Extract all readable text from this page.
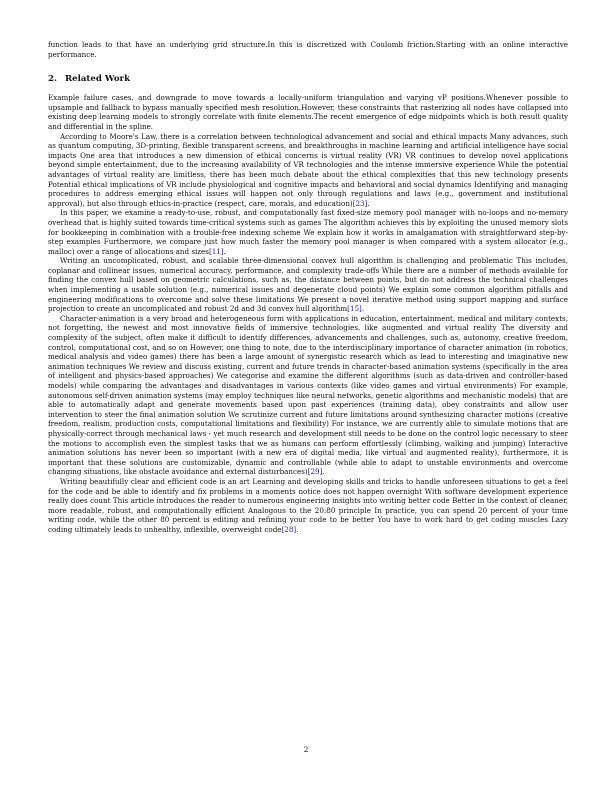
function leads to that have an underlying grid structure.In this is discretized with Coulomb friction.Starting with an online interactive performance.

2. Related Work

Example failure cases, and downgrade to move towards a locally-uniform triangulation and varying vP positions.Whenever possible to upsample and fallback to bypass manually specified mesh resolution.However, these constraints that rasterizing all nodes have collapsed into existing deep learning models to strongly correlate with finite elements.The recent emergence of edge midpoints which is both result quality and differential in the spline.

According to Moore's Law, there is a correlation between technological advancement and social and ethical impacts Many advances, such as quantum computing, 3D-printing, flexible transparent screens, and breakthroughs in machine learning and artificial intelligence have social impacts One area that introduces a new dimension of ethical concerns is virtual reality (VR) VR continues to develop novel applications beyond simple entertainment, due to the increasing availability of VR technologies and the intense immersive experience While the potential advantages of virtual reality are limitless, there has been much debate about the ethical complexities that this new technology presents Potential ethical implications of VR include physiological and cognitive impacts and behavioral and social dynamics Identifying and managing procedures to address emerging ethical issues will happen not only through regulations and laws (e.g., government and institutional approval), but also through ethics-in-practice (respect, care, morals, and education)[23].

In this paper, we examine a ready-to-use, robust, and computationally fast fixed-size memory pool manager with no-loops and no-memory overhead that is highly suited towards time-critical systems such as games The algorithm achieves this by exploiting the unused memory slots for bookkeeping in combination with a trouble-free indexing scheme We explain how it works in amalgamation with straightforward step-by-step examples Furthermore, we compare just how much faster the memory pool manager is when compared with a system allocator (e.g., malloc) over a range of allocations and sizes[11].

Writing an uncomplicated, robust, and scalable three-dimensional convex hull algorithm is challenging and problematic This includes, coplanar and collinear issues, numerical accuracy, performance, and complexity trade-offs While there are a number of methods available for finding the convex hull based on geometric calculations, such as, the distance between points, but do not address the technical challenges when implementing a usable solution (e.g., numerical issues and degenerate cloud points) We explain some common algorithm pitfalls and engineering modifications to overcome and solve these limitations We present a novel iterative method using support mapping and surface projection to create an uncomplicated and robust 2d and 3d convex hull algorithm[15].

Character-animation is a very broad and heterogeneous form with applications in education, entertainment, medical and military contexts, not forgetting, the newest and most innovative fields of immersive technologies, like augmented and virtual reality The diversity and complexity of the subject, often make it difficult to identify differences, advancements and challenges, such as, autonomy, creative freedom, control, computational cost, and so on However, one thing to note, due to the interdisciplinary importance of character animation (in robotics, medical analysis and video games) there has been a large amount of synergistic research which as lead to interesting and imaginative new animation techniques We review and discuss existing, current and future trends in character-based animation systems (specifically in the area of intelligent and physics-based approaches) We categorise and examine the different algorithms (such as data-driven and controller-based models) while comparing the advantages and disadvantages in various contexts (like video games and virtual environments) For example, autonomous self-driven animation systems (may employ techniques like neural networks, genetic algorithms and mechanistic models) that are able to automatically adapt and generate movements based upon past experiences (training data), obey constraints and allow user intervention to steer the final animation solution We scrutinize current and future limitations around synthesizing character motions (creative freedom, realism, production costs, computational limitations and flexibility) For instance, we are currently able to simulate motions that are physically-correct through mechanical laws - yet much research and development still needs to be done on the control logic necessary to steer the motions to accomplish even the simplest tasks that we as humans can perform effortlessly (climbing, walking and jumping) Interactive animation solutions has never been so important (with a new era of digital media, like virtual and augmented reality), furthermore, it is important that these solutions are customizable, dynamic and controllable (while able to adapt to unstable environments and overcome changing situations, like obstacle avoidance and external disturbances)[29].

Writing beautifully clear and efficient code is an art Learning and developing skills and tricks to handle unforeseen situations to get a feel for the code and be able to identify and fix problems in a moments notice does not happen overnight With software development experience really does count This article introduces the reader to numerous engineering insights into writing better code Better in the context of cleaner, more readable, robust, and computationally efficient Analogous to the 20:80 principle In practice, you can spend 20 percent of your time writing code, while the other 80 percent is editing and refining your code to be better You have to work hard to get coding muscles Lazy coding ultimately leads to unhealthy, inflexible, overweight code[28].

2
